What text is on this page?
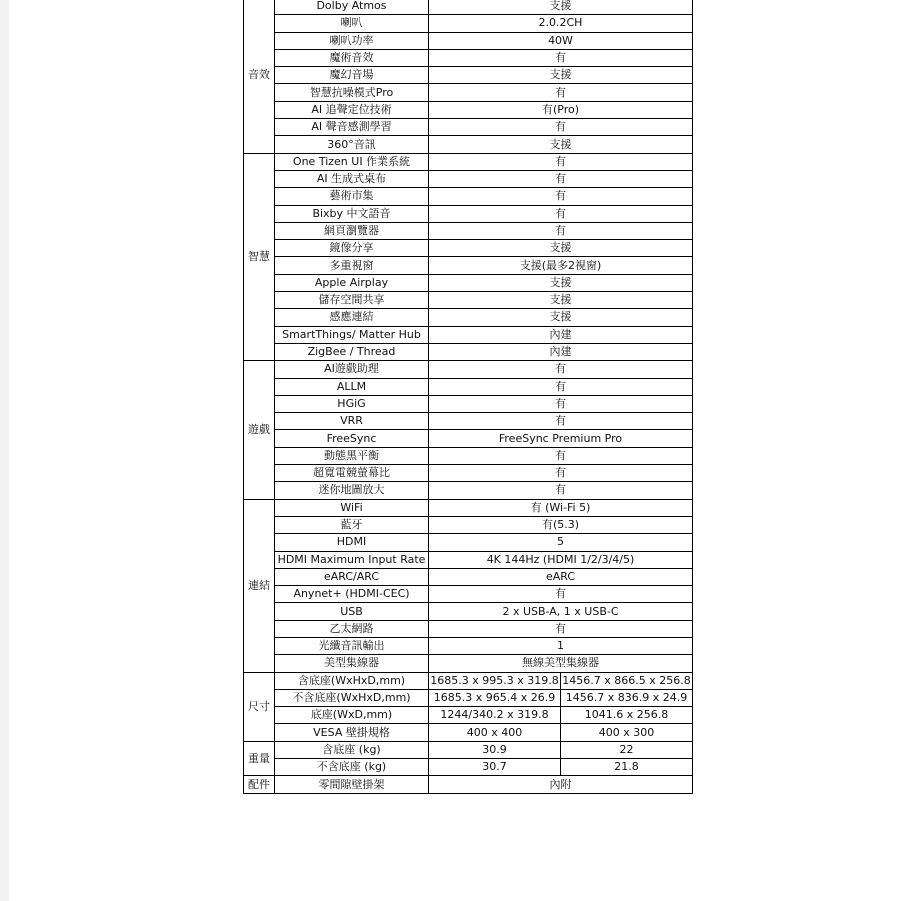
音效	Dolby Atmos	支援	
	喇叭	2.0.2CH	
	喇叭功率	40W	
	魔術音效	有	
	魔幻音場	支援	
	智慧抗噪模式Pro	有	
	AI 追聲定位技術	有(Pro)	
	AI 聲音感測學習	有	
	360°音訊	支援	
智慧	One Tizen UI 作業系統	有	
	AI 生成式桌布	有	
	藝術市集	有	
	Bixby 中文語音	有	
	網頁瀏覽器	有	
	鏡像分享	支援	
	多重視窗	支援(最多2視窗)	
	Apple Airplay	支援	
	儲存空間共享	支援	
	感應連結	支援	
	SmartThings/ Matter Hub	內建	
	ZigBee / Thread	內建	
遊戲	AI遊戲助理	有	
	ALLM	有	
	HGiG	有	
	VRR	有	
	FreeSync	FreeSync Premium Pro	
	動態黑平衡	有	
	超寬電競螢幕比	有	
	迷你地圖放大	有	
連結	WiFi	有 (Wi-Fi 5)	
	藍牙	有(5.3)	
	HDMI	5	
	HDMI Maximum Input Rate	4K 144Hz (HDMI 1/2/3/4/5)	
	eARC/ARC	eARC	
	Anynet+ (HDMI-CEC)	有	
	USB	2 x USB-A, 1 x USB-C	
	乙太網路	有	
	光纖音訊輸出	1	
	美型集線器	無線美型集線器	
尺寸	含底座(WxHxD,mm)	1685.3 x 995.3 x 319.8	1456.7 x 866.5 x 256.8
	不含底座(WxHxD,mm)	1685.3 x 965.4 x 26.9	1456.7 x 836.9 x 24.9
	底座(WxD,mm)	1244/340.2 x 319.8	1041.6 x 256.8
	VESA 壁掛規格	400 x 400	400 x 300
重量	含底座 (kg)	30.9	22
	不含底座 (kg)	30.7	21.8
配件	零間隙壁掛架	內附	
